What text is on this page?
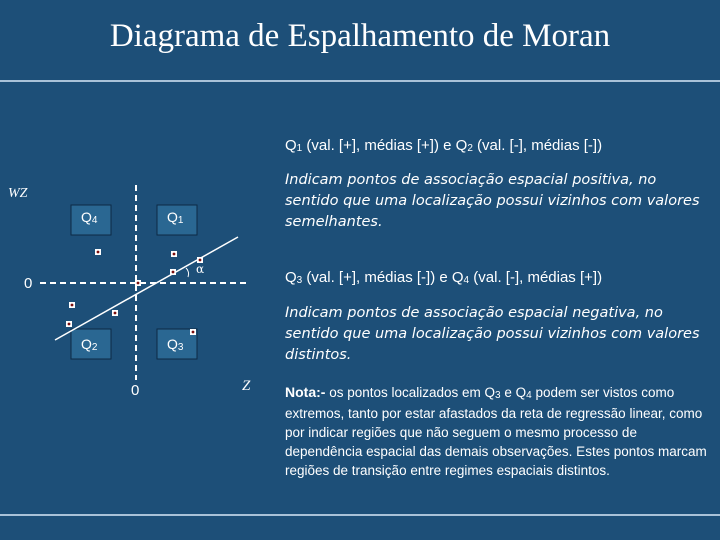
Diagrama de Espalhamento de Moran
WZ
Z
0
0
α
$Q_4$	$Q_1$
$Q_2$	$Q_3$
$Q_1$ (val. [+], médias [+]) e $Q_2$ (val. [-], médias [-])
Indicam pontos de associação espacial positiva, no sentido que uma localização possui vizinhos com valores semelhantes.
$Q_3$ (val. [+], médias [-]) e $Q_4$ (val. [-], médias [+])
Indicam pontos de associação espacial negativa, no sentido que uma localização possui vizinhos com valores distintos.
Nota:- os pontos localizados em $Q_3$ e $Q_4$ podem ser vistos como extremos, tanto por estar afastados da reta de regressão linear, como por indicar regiões que não seguem o mesmo processo de dependência espacial das demais observações. Estes pontos marcam regiões de transição entre regimes espaciais distintos.
